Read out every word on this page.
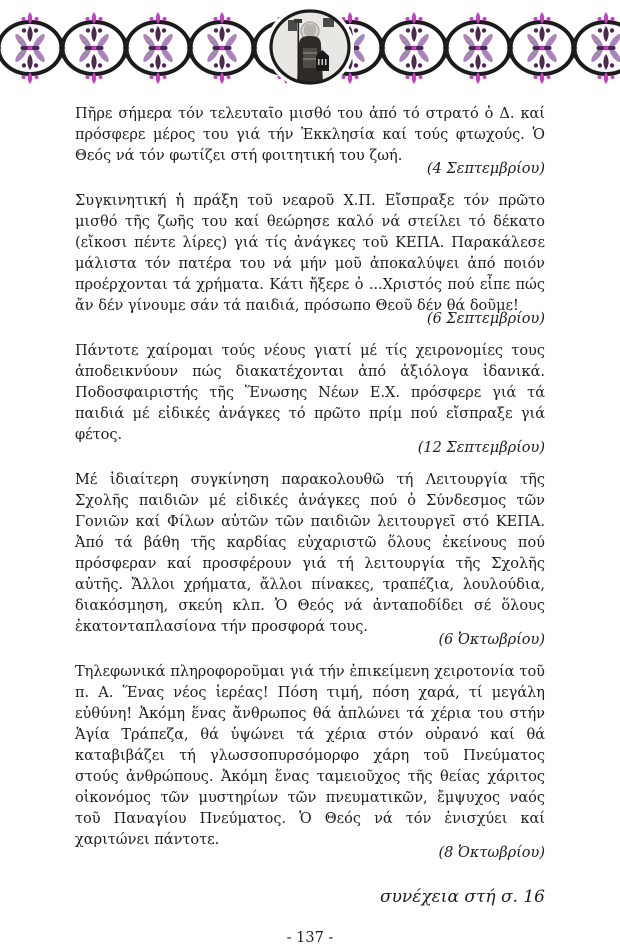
Πῆρε σήμερα τόν τελευταῖο μισθό του ἀπό τό στρατό ὁ Δ. καί πρόσφερε μέρος του γιά τήν Ἐκκλησία καί τούς φτωχούς. Ὁ Θεός νά τόν φωτίζει στή φοιτητική του ζωή.

(4 Σεπτεμβρίου)

Συγκινητική ἡ πράξη τοῦ νεαροῦ Χ.Π. Εἴσπραξε τόν πρῶτο μισθό τῆς ζωῆς του καί θεώρησε καλό νά στείλει τό δέκατο (εἴκοσι πέντε λίρες) γιά τίς ἀνάγκες τοῦ ΚΕΠΑ. Παρακάλεσε μάλιστα τόν πατέρα του νά μήν μοῦ ἀποκαλύψει ἀπό ποιόν προέρχονται τά χρήματα. Κάτι ἤξερε ὁ ...Χριστός πού εἶπε πώς ἄν δέν γίνουμε σάν τά παιδιά, πρόσωπο Θεοῦ δέν θά δοῦμε!

(6 Σεπτεμβρίου)

Πάντοτε χαίρομαι τούς νέους γιατί μέ τίς χειρονομίες τους ἀποδεικνύουν πώς διακατέχονται ἀπό ἀξιόλογα ἰδανικά. Ποδοσφαιριστής τῆς Ἕνωσης Νέων Ε.Χ. πρόσφερε γιά τά παιδιά μέ εἰδικές ἀνάγκες τό πρῶτο πρίμ πού εἴσπραξε γιά φέτος.

(12 Σεπτεμβρίου)

Μέ ἰδιαίτερη συγκίνηση παρακολουθῶ τή Λειτουργία τῆς Σχολῆς παιδιῶν μέ εἰδικές ἀνάγκες πού ὁ Σύνδεσμος τῶν Γονιῶν καί Φίλων αὐτῶν τῶν παιδιῶν λειτουργεῖ στό ΚΕΠΑ. Ἀπό τά βάθη τῆς καρδίας εὐχαριστῶ ὅλους ἐκείνους πού πρόσφεραν καί προσφέρουν γιά τή λειτουργία τῆς Σχολῆς αὐτῆς. Ἄλλοι χρήματα, ἄλλοι πίνακες, τραπέζια, λουλούδια, διακόσμηση, σκεύη κλπ. Ὁ Θεός νά ἀνταποδίδει σέ ὅλους ἑκατονταπλασίονα τήν προσφορά τους.

(6 Ὀκτωβρίου)

Τηλεφωνικά πληροφοροῦμαι γιά τήν ἐπικείμενη χειροτονία τοῦ π. Α. Ἕνας νέος ἱερέας! Πόση τιμή, πόση χαρά, τί μεγάλη εὐθύνη! Ἀκόμη ἕνας ἄνθρωπος θά ἁπλώνει τά χέρια του στήν Ἁγία Τράπεζα, θά ὑψώνει τά χέρια στόν οὐρανό καί θά καταβιβάζει τή γλωσσοπυρσόμορφο χάρη τοῦ Πνεύματος στούς ἀνθρώπους. Ἀκόμη ἕνας ταμειοῦχος τῆς θείας χάριτος οἰκονόμος τῶν μυστηρίων τῶν πνευματικῶν, ἔμψυχος ναός τοῦ Παναγίου Πνεύματος. Ὁ Θεός νά τόν ἐνισχύει καί χαριτώνει πάντοτε.

(8 Ὀκτωβρίου)

συνέχεια στή σ. 16

- 137 -
